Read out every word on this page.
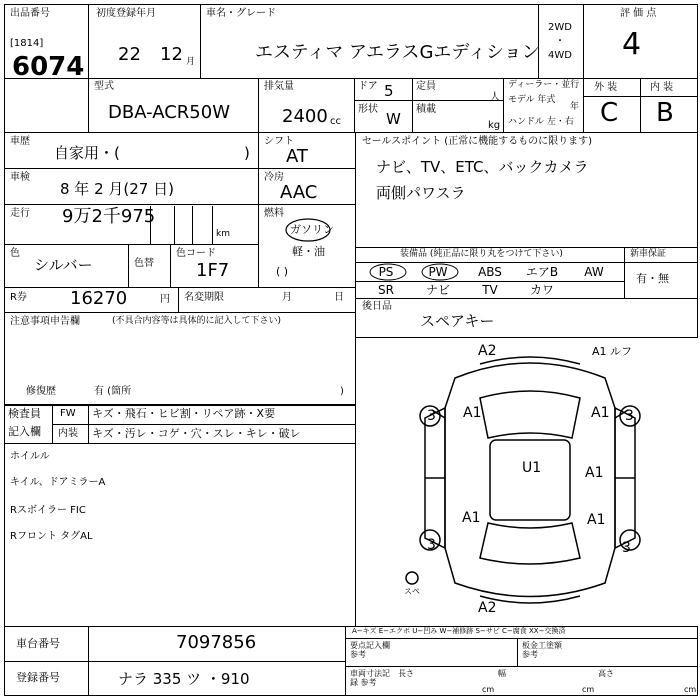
出品番号
[1814]
6074
初度登録年月
22 12 月
車名・グレード
エスティマ アエラスGエディション
2WD
・
4WD
評 価 点
4
型式
DBA-ACR50W
排気量
2400 cc
ドア 5
形状
W
定員
人
積載
kg
ディーラー・並行
モデル 年式
年
ハンドル 左・右
外 装	内 装
C B
車歴
自家用・(	)
シフト
AT
車検
8 年 2 月(27 日)
冷房
AAC
走行 9万2千975
km
燃料
ガソリン
軽・油
( )
色
シルバー	色替
色コード
1F7
R券 16270	円 名変期限	月	日
注意事項申告欄	(不具合内容等は具体的に記入して下さい)
修復歴	有 (箇所	)
検査員
記入欄
FW キズ・飛石・ヒビ割・リペア跡・X要
内装 キズ・汚レ・コゲ・穴・スレ・キレ・破レ
ホイルル
キイル、ドアミラーA
Rスボイラー FIC
Rフロント タグAL
セールスポイント (正常に機能するものに限ります)
ナビ、TV、ETC、バックカメラ
両側パワスラ
装備品 (純正品に限り丸をつけて下さい)	新車保証
PS	PW	ABS	エアB	AW
SR	ナビ	TV	カワ
有・無
後日品
スペアキー
A2	A1 ルフ
3 A1	3
A1
U1	A1
3
A1	A1
3
A2
スペ
車台番号	7097856
登録番号	ナラ 335 ツ ・910
A−キズ E−エクボ U−凹み W−補修跡 S−サビ C−腐食 XX−交換済
要点記入欄 参考
板金工塗額 参考
車両寸法記録 参考
長さ
cm
幅
cm
高さ
cm
